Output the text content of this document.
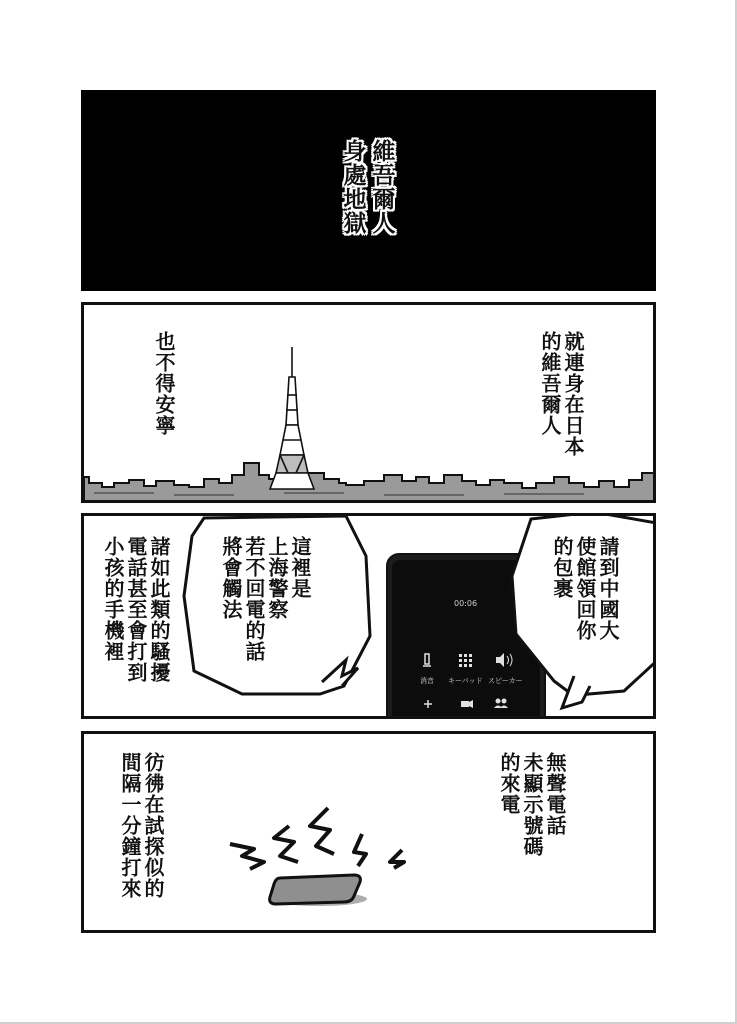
維吾爾人
身處地獄
就連身在日本
的維吾爾人
也不得安寧
00:06
消音 キーパッド スピーカー
請到中國大
使館領回你
的包裹
這裡是
上海警察
若不回電的話
將會觸法
諸如此類的騷擾
電話甚至會打到
小孩的手機裡
無聲電話
未顯示號碼
的來電
彷彿在試探似的
間隔一分鐘打來
